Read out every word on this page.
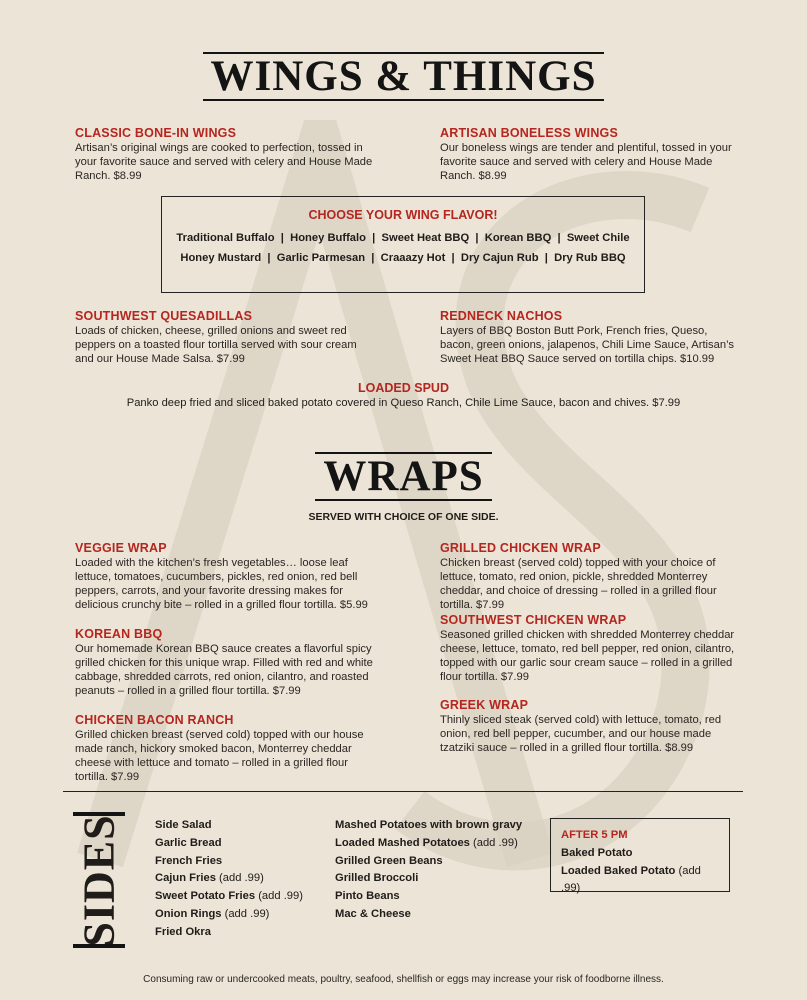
WINGS & THINGS
CLASSIC BONE-IN WINGS
Artisan’s original wings are cooked to perfection, tossed in your favorite sauce and served with celery and House Made Ranch. $8.99
ARTISAN BONELESS WINGS
Our boneless wings are tender and plentiful, tossed in your favorite sauce and served with celery and House Made Ranch. $8.99
CHOOSE YOUR WING FLAVOR!
Traditional Buffalo  |  Honey Buffalo  |  Sweet Heat BBQ  |  Korean BBQ  |  Sweet Chile
Honey Mustard  |  Garlic Parmesan  |  Craaazy Hot  |  Dry Cajun Rub  |  Dry Rub BBQ
SOUTHWEST QUESADILLAS
Loads of chicken, cheese, grilled onions and sweet red peppers on a toasted flour tortilla served with sour cream and our House Made Salsa. $7.99
REDNECK NACHOS
Layers of BBQ Boston Butt Pork, French fries, Queso, bacon, green onions, jalapenos, Chili Lime Sauce, Artisan’s Sweet Heat BBQ Sauce served on tortilla chips. $10.99
LOADED SPUD
Panko deep fried and sliced baked potato covered in Queso Ranch, Chile Lime Sauce, bacon and chives. $7.99
WRAPS
SERVED WITH CHOICE OF ONE SIDE.
VEGGIE WRAP
Loaded with the kitchen’s fresh vegetables… loose leaf lettuce, tomatoes, cucumbers, pickles, red onion, red bell peppers, carrots, and your favorite dressing makes for delicious crunchy bite – rolled in a grilled flour tortilla. $5.99
KOREAN BBQ
Our homemade Korean BBQ sauce creates a flavorful spicy grilled chicken for this unique wrap. Filled with red and white cabbage, shredded carrots, red onion, cilantro, and roasted peanuts – rolled in a grilled flour tortilla. $7.99
CHICKEN BACON RANCH
Grilled chicken breast (served cold) topped with our house made ranch, hickory smoked bacon, Monterrey cheddar cheese with lettuce and tomato – rolled in a grilled flour tortilla. $7.99
GRILLED CHICKEN WRAP
Chicken breast (served cold) topped with your choice of lettuce, tomato, red onion, pickle, shredded Monterrey cheddar, and choice of dressing – rolled in a grilled flour tortilla. $7.99
SOUTHWEST CHICKEN WRAP
Seasoned grilled chicken with shredded Monterrey cheddar cheese, lettuce, tomato, red bell pepper, red onion, cilantro, topped with our garlic sour cream sauce – rolled in a grilled flour tortilla. $7.99
GREEK WRAP
Thinly sliced steak (served cold) with lettuce, tomato, red onion, red bell pepper, cucumber, and our house made tzatziki sauce – rolled in a grilled flour tortilla. $8.99
SIDES	Side Salad
Garlic Bread
French Fries
Cajun Fries (add .99)
Sweet Potato Fries (add .99)
Onion Rings (add .99)
Fried Okra
Mashed Potatoes with brown gravy
Loaded Mashed Potatoes (add .99)
Grilled Green Beans
Grilled Broccoli
Pinto Beans
Mac & Cheese
AFTER 5 PM
Baked Potato
Loaded Baked Potato (add .99)
Consuming raw or undercooked meats, poultry, seafood, shellfish or eggs may increase your risk of foodborne illness.
